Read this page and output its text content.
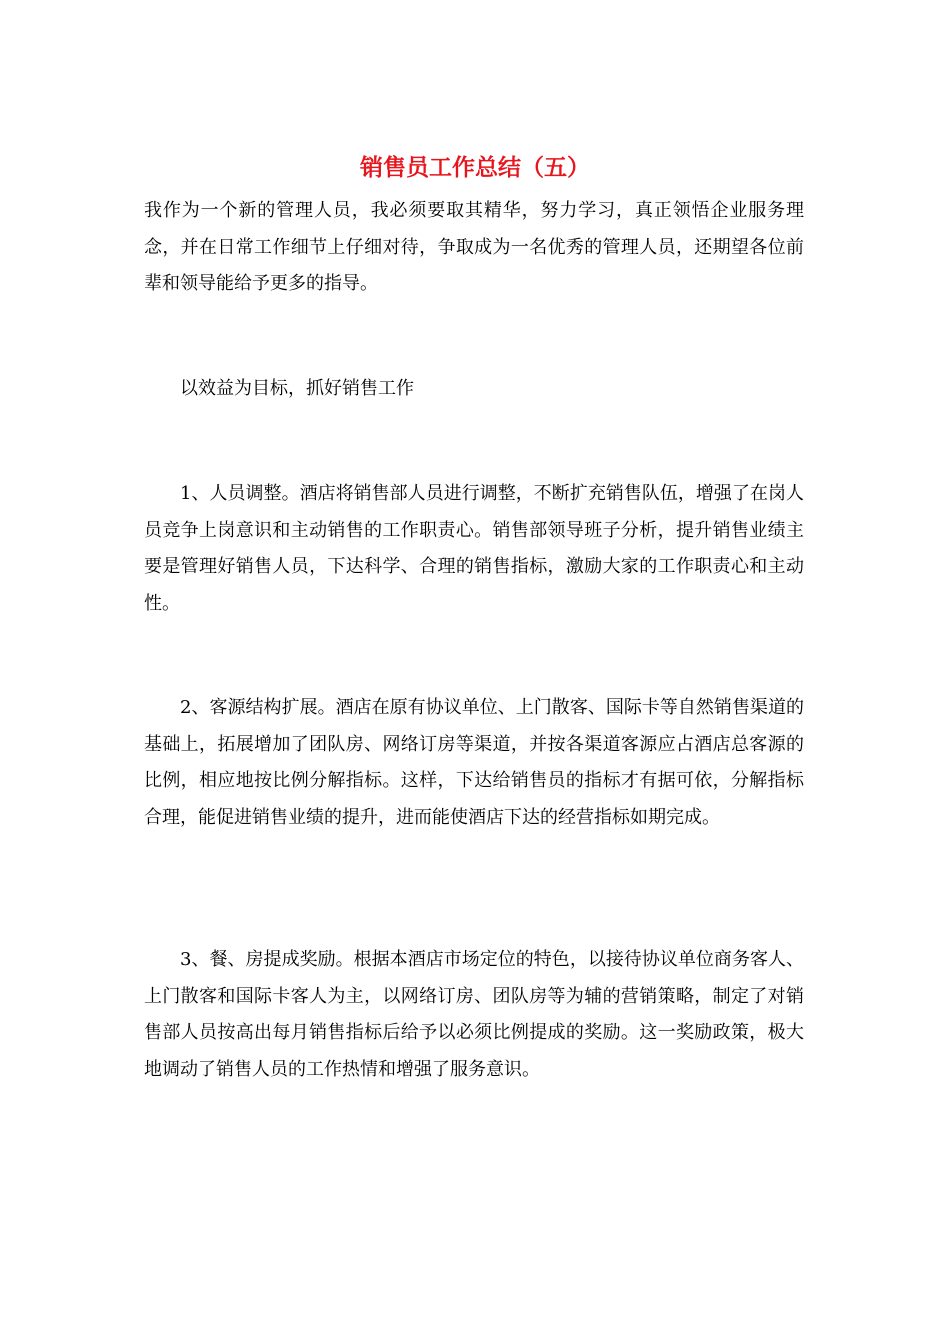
销售员工作总结（五）

我作为一个新的管理人员，我必须要取其精华，努力学习，真正领悟企业服务理念，并在日常工作细节上仔细对待，争取成为一名优秀的管理人员，还期望各位前辈和领导能给予更多的指导。

　　以效益为目标，抓好销售工作

　　1、人员调整。酒店将销售部人员进行调整，不断扩充销售队伍，增强了在岗人员竞争上岗意识和主动销售的工作职责心。销售部领导班子分析，提升销售业绩主要是管理好销售人员，下达科学、合理的销售指标，激励大家的工作职责心和主动性。

　　2、客源结构扩展。酒店在原有协议单位、上门散客、国际卡等自然销售渠道的基础上，拓展增加了团队房、网络订房等渠道，并按各渠道客源应占酒店总客源的比例，相应地按比例分解指标。这样，下达给销售员的指标才有据可依，分解指标合理，能促进销售业绩的提升，进而能使酒店下达的经营指标如期完成。

　　3、餐、房提成奖励。根据本酒店市场定位的特色，以接待协议单位商务客人、上门散客和国际卡客人为主，以网络订房、团队房等为辅的营销策略，制定了对销售部人员按高出每月销售指标后给予以必须比例提成的奖励。这一奖励政策，极大地调动了销售人员的工作热情和增强了服务意识。
